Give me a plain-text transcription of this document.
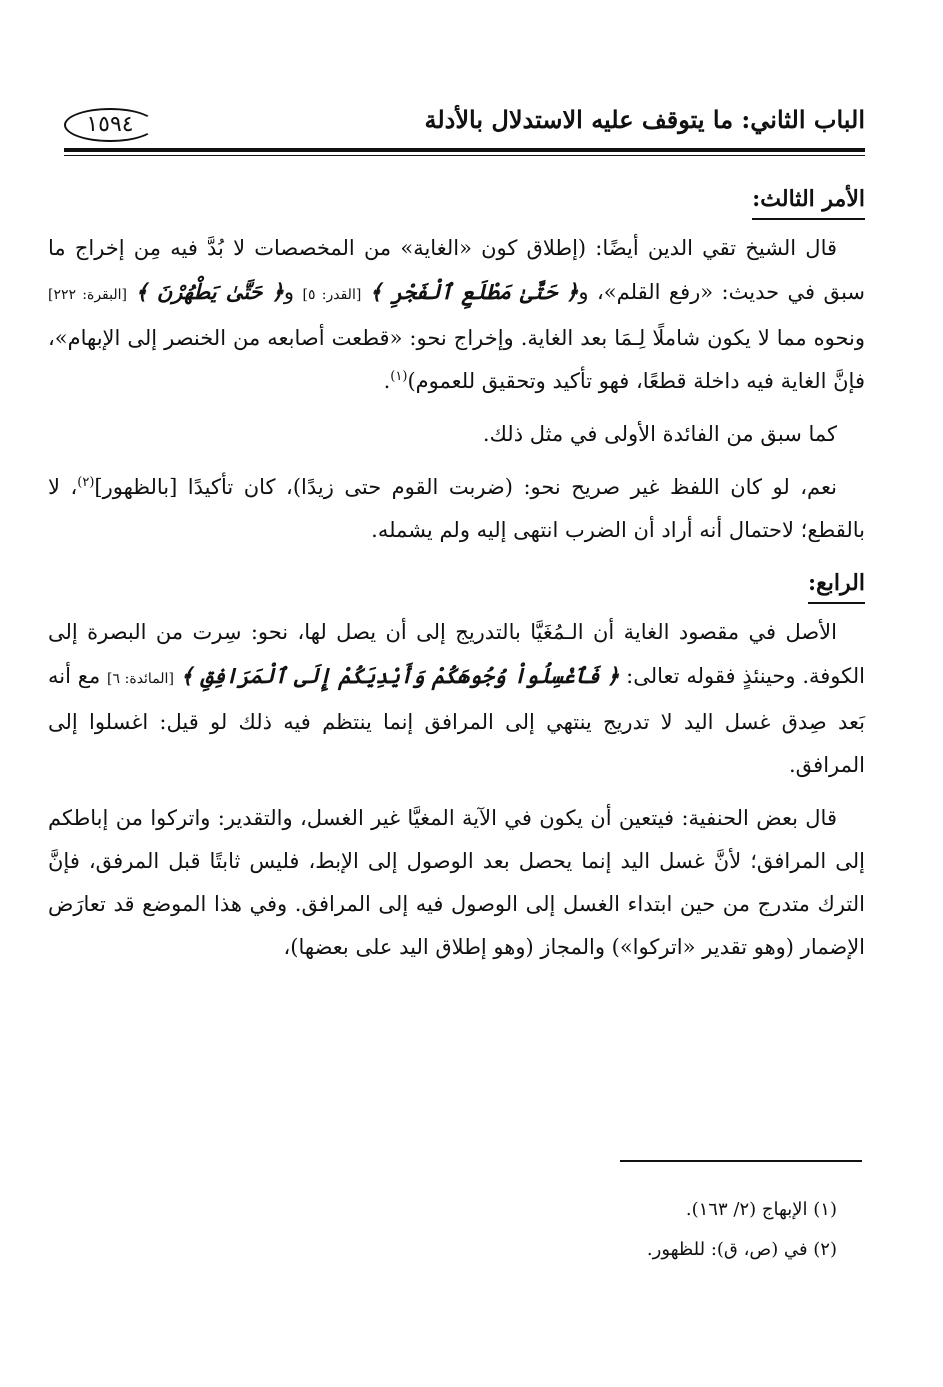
الباب الثاني: ما يتوقف عليه الاستدلال بالأدلة
١٥٩٤
الأمر الثالث:

قال الشيخ تقي الدين أيضًا: (إطلاق كون «الغاية» من المخصصات لا بُدَّ فيه مِن إخراج ما سبق في حديث: «رفع القلم»، و﴿ حَتَّىٰ مَطْلَعِ ٱلْفَجْرِ ﴾ [القدر: ٥] و﴿ حَتَّىٰ يَطْهُرْنَ ﴾ [البقرة: ٢٢٢] ونحوه مما لا يكون شاملًا لِـمَا بعد الغاية. وإخراج نحو: «قطعت أصابعه من الخنصر إلى الإبهام»، فإنَّ الغاية فيه داخلة قطعًا، فهو تأكيد وتحقيق للعموم)$^{(١)}$.

كما سبق من الفائدة الأولى في مثل ذلك.

نعم، لو كان اللفظ غير صريح نحو: (ضربت القوم حتى زيدًا)، كان تأكيدًا [بالظهور]$^{(٢)}$، لا بالقطع؛ لاحتمال أنه أراد أن الضرب انتهى إليه ولم يشمله.

الرابع:

الأصل في مقصود الغاية أن الـمُغَيَّا بالتدريج إلى أن يصل لها، نحو: سِرت من البصرة إلى الكوفة. وحينئذٍ فقوله تعالى: ﴿ فَٱغْسِلُواْ وُجُوهَكُمْ وَأَيْدِيَكُمْ إِلَى ٱلْمَرَافِقِ ﴾ [المائدة: ٦] مع أنه بَعد صِدق غسل اليد لا تدريج ينتهي إلى المرافق إنما ينتظم فيه ذلك لو قيل: اغسلوا إلى المرافق.

قال بعض الحنفية: فيتعين أن يكون في الآية المغيَّا غير الغسل، والتقدير: واتركوا من إباطكم إلى المرافق؛ لأنَّ غسل اليد إنما يحصل بعد الوصول إلى الإبط، فليس ثابتًا قبل المرفق، فإنَّ الترك متدرج من حين ابتداء الغسل إلى الوصول فيه إلى المرافق. وفي هذا الموضع قد تعارَض الإضمار (وهو تقدير «اتركوا») والمجاز (وهو إطلاق اليد على بعضها)،

(١) الإبهاج (٢/ ١٦٣).

(٢) في (ص، ق): للظهور.
